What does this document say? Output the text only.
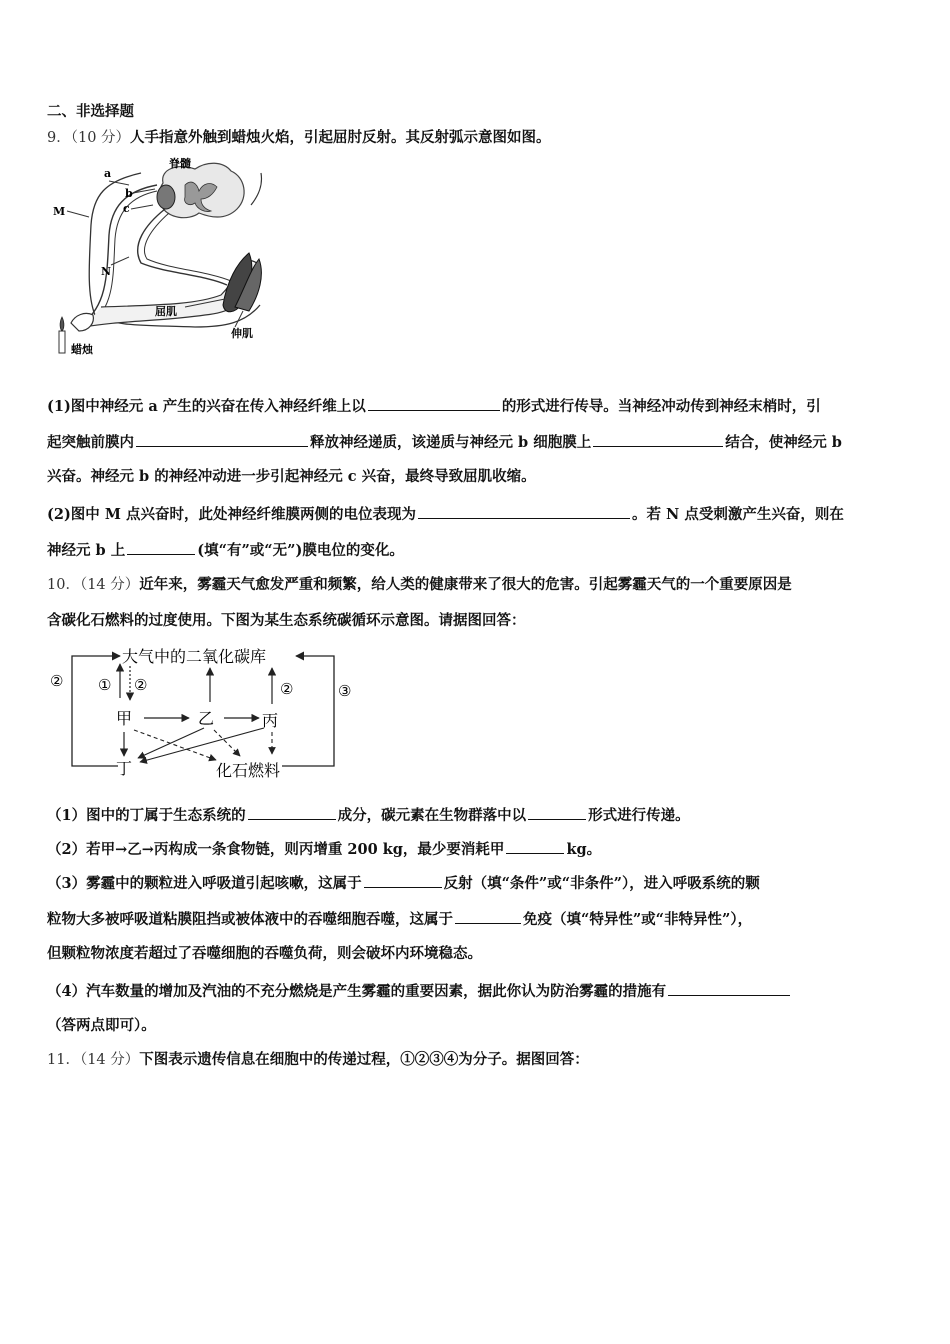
二、非选择题
9．（10 分）人手指意外触到蜡烛火焰，引起屈肘反射。其反射弧示意图如图。
脊髓
a
b
c
M
N
屈肌
伸肌
蜡烛
(1)图中神经元 a 产生的兴奋在传入神经纤维上以	的形式进行传导。当神经冲动传到神经末梢时，引
起突触前膜内	释放神经递质，该递质与神经元 b 细胞膜上	结合，使神经元 b
兴奋。神经元 b 的神经冲动进一步引起神经元 c 兴奋，最终导致屈肌收缩。
(2)图中 M 点兴奋时，此处神经纤维膜两侧的电位表现为	。若 N 点受刺激产生兴奋，则在
神经元 b 上	(填“有”或“无”)膜电位的变化。
10．（14 分）近年来，雾霾天气愈发严重和频繁，给人类的健康带来了很大的危害。引起雾霾天气的一个重要原因是
含碳化石燃料的过度使用。下图为某生态系统碳循环示意图。请据图回答：
大气中的二氧化碳库
甲	乙	丙
丁	化石燃料
② ① ②	②	③
（1）图中的丁属于生态系统的	成分，碳元素在生物群落中以	形式进行传递。
（2）若甲→乙→丙构成一条食物链，则丙增重 200 kg，最少要消耗甲	kg。
（3）雾霾中的颗粒进入呼吸道引起咳嗽，这属于	反射（填“条件”或“非条件”），进入呼吸系统的颗
粒物大多被呼吸道粘膜阻挡或被体液中的吞噬细胞吞噬，这属于	免疫（填“特异性”或“非特异性”），
但颗粒物浓度若超过了吞噬细胞的吞噬负荷，则会破坏内环境稳态。
（4）汽车数量的增加及汽油的不充分燃烧是产生雾霾的重要因素，据此你认为防治雾霾的措施有
（答两点即可）。
11．（14 分）下图表示遗传信息在细胞中的传递过程，①②③④为分子。据图回答：
